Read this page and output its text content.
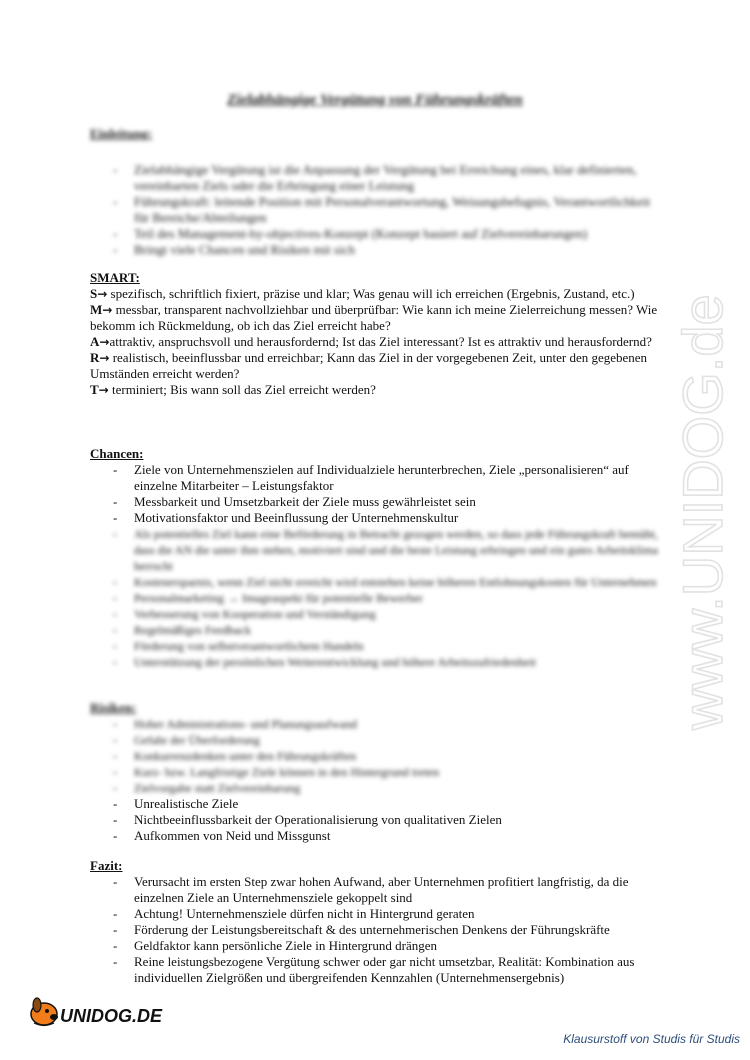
Zielabhängige Vergütung von Führungskräften
Einleitung:
- Zielabhängige Vergütung ist die Anpassung der Vergütung bei Erreichung eines, klar definierten, vereinbarten Ziels oder die Erbringung einer Leistung
- Führungskraft: leitende Position mit Personalverantwortung, Weisungsbefugnis, Verantwortlichkeit für Bereiche/Abteilungen
- Teil des Management-by-objectives-Konzept (Konzept basiert auf Zielvereinbarungen)
- Bringt viele Chancen und Risiken mit sich
SMART:
S→ spezifisch, schriftlich fixiert, präzise und klar; Was genau will ich erreichen (Ergebnis, Zustand, etc.)
M→ messbar, transparent nachvollziehbar und überprüfbar: Wie kann ich meine Zielerreichung messen? Wie bekomm ich Rückmeldung, ob ich das Ziel erreicht habe?
A→attraktiv, anspruchsvoll und herausfordernd; Ist das Ziel interessant? Ist es attraktiv und herausfordernd?
R→ realistisch, beeinflussbar und erreichbar; Kann das Ziel in der vorgegebenen Zeit, unter den gegebenen Umständen erreicht werden?
T→ terminiert; Bis wann soll das Ziel erreicht werden?
Chancen:
- Ziele von Unternehmenszielen auf Individualziele herunterbrechen, Ziele „personalisieren“ auf einzelne Mitarbeiter – Leistungsfaktor
- Messbarkeit und Umsetzbarkeit der Ziele muss gewährleistet sein
- Motivationsfaktor und Beeinflussung der Unternehmenskultur
- Als potentielles Ziel kann eine Beförderung in Betracht gezogen werden, so dass jede Führungskraft bemüht, dass die AN die unter ihm stehen, motiviert sind und die beste Leistung erbringen und ein gutes Arbeitsklima herrscht
- Kostenersparnis, wenn Ziel nicht erreicht wird entstehen keine höheren Entlohnungskosten für Unternehmen
- Personalmarketing → Imageaspekt für potentielle Bewerber
- Verbesserung von Kooperation und Verständigung
- Regelmäßiges Feedback
- Förderung von selbstverantwortlichem Handeln
- Unterstützung der persönlichen Weiterentwicklung und höhere Arbeitszufriedenheit
Risiken:
- Hoher Administrations- und Planungsaufwand
- Gefahr der Überforderung
- Konkurrenzdenken unter den Führungskräften
- Kurz- bzw. Langfristige Ziele können in den Hintergrund treten
- Zielvorgabe statt Zielvereinbarung
- Unrealistische Ziele
- Nichtbeeinflussbarkeit der Operationalisierung von qualitativen Zielen
- Aufkommen von Neid und Missgunst
Fazit:
- Verursacht im ersten Step zwar hohen Aufwand, aber Unternehmen profitiert langfristig, da die einzelnen Ziele an Unternehmensziele gekoppelt sind
- Achtung! Unternehmensziele dürfen nicht in Hintergrund geraten
- Förderung der Leistungsbereitschaft & des unternehmerischen Denkens der Führungskräfte
- Geldfaktor kann persönliche Ziele in Hintergrund drängen
- Reine leistungsbezogene Vergütung schwer oder gar nicht umsetzbar, Realität: Kombination aus individuellen Zielgrößen und übergreifenden Kennzahlen (Unternehmensergebnis)
www.UNIDOG.de
UNIDOG.DE
Klausurstoff von Studis für Studis
